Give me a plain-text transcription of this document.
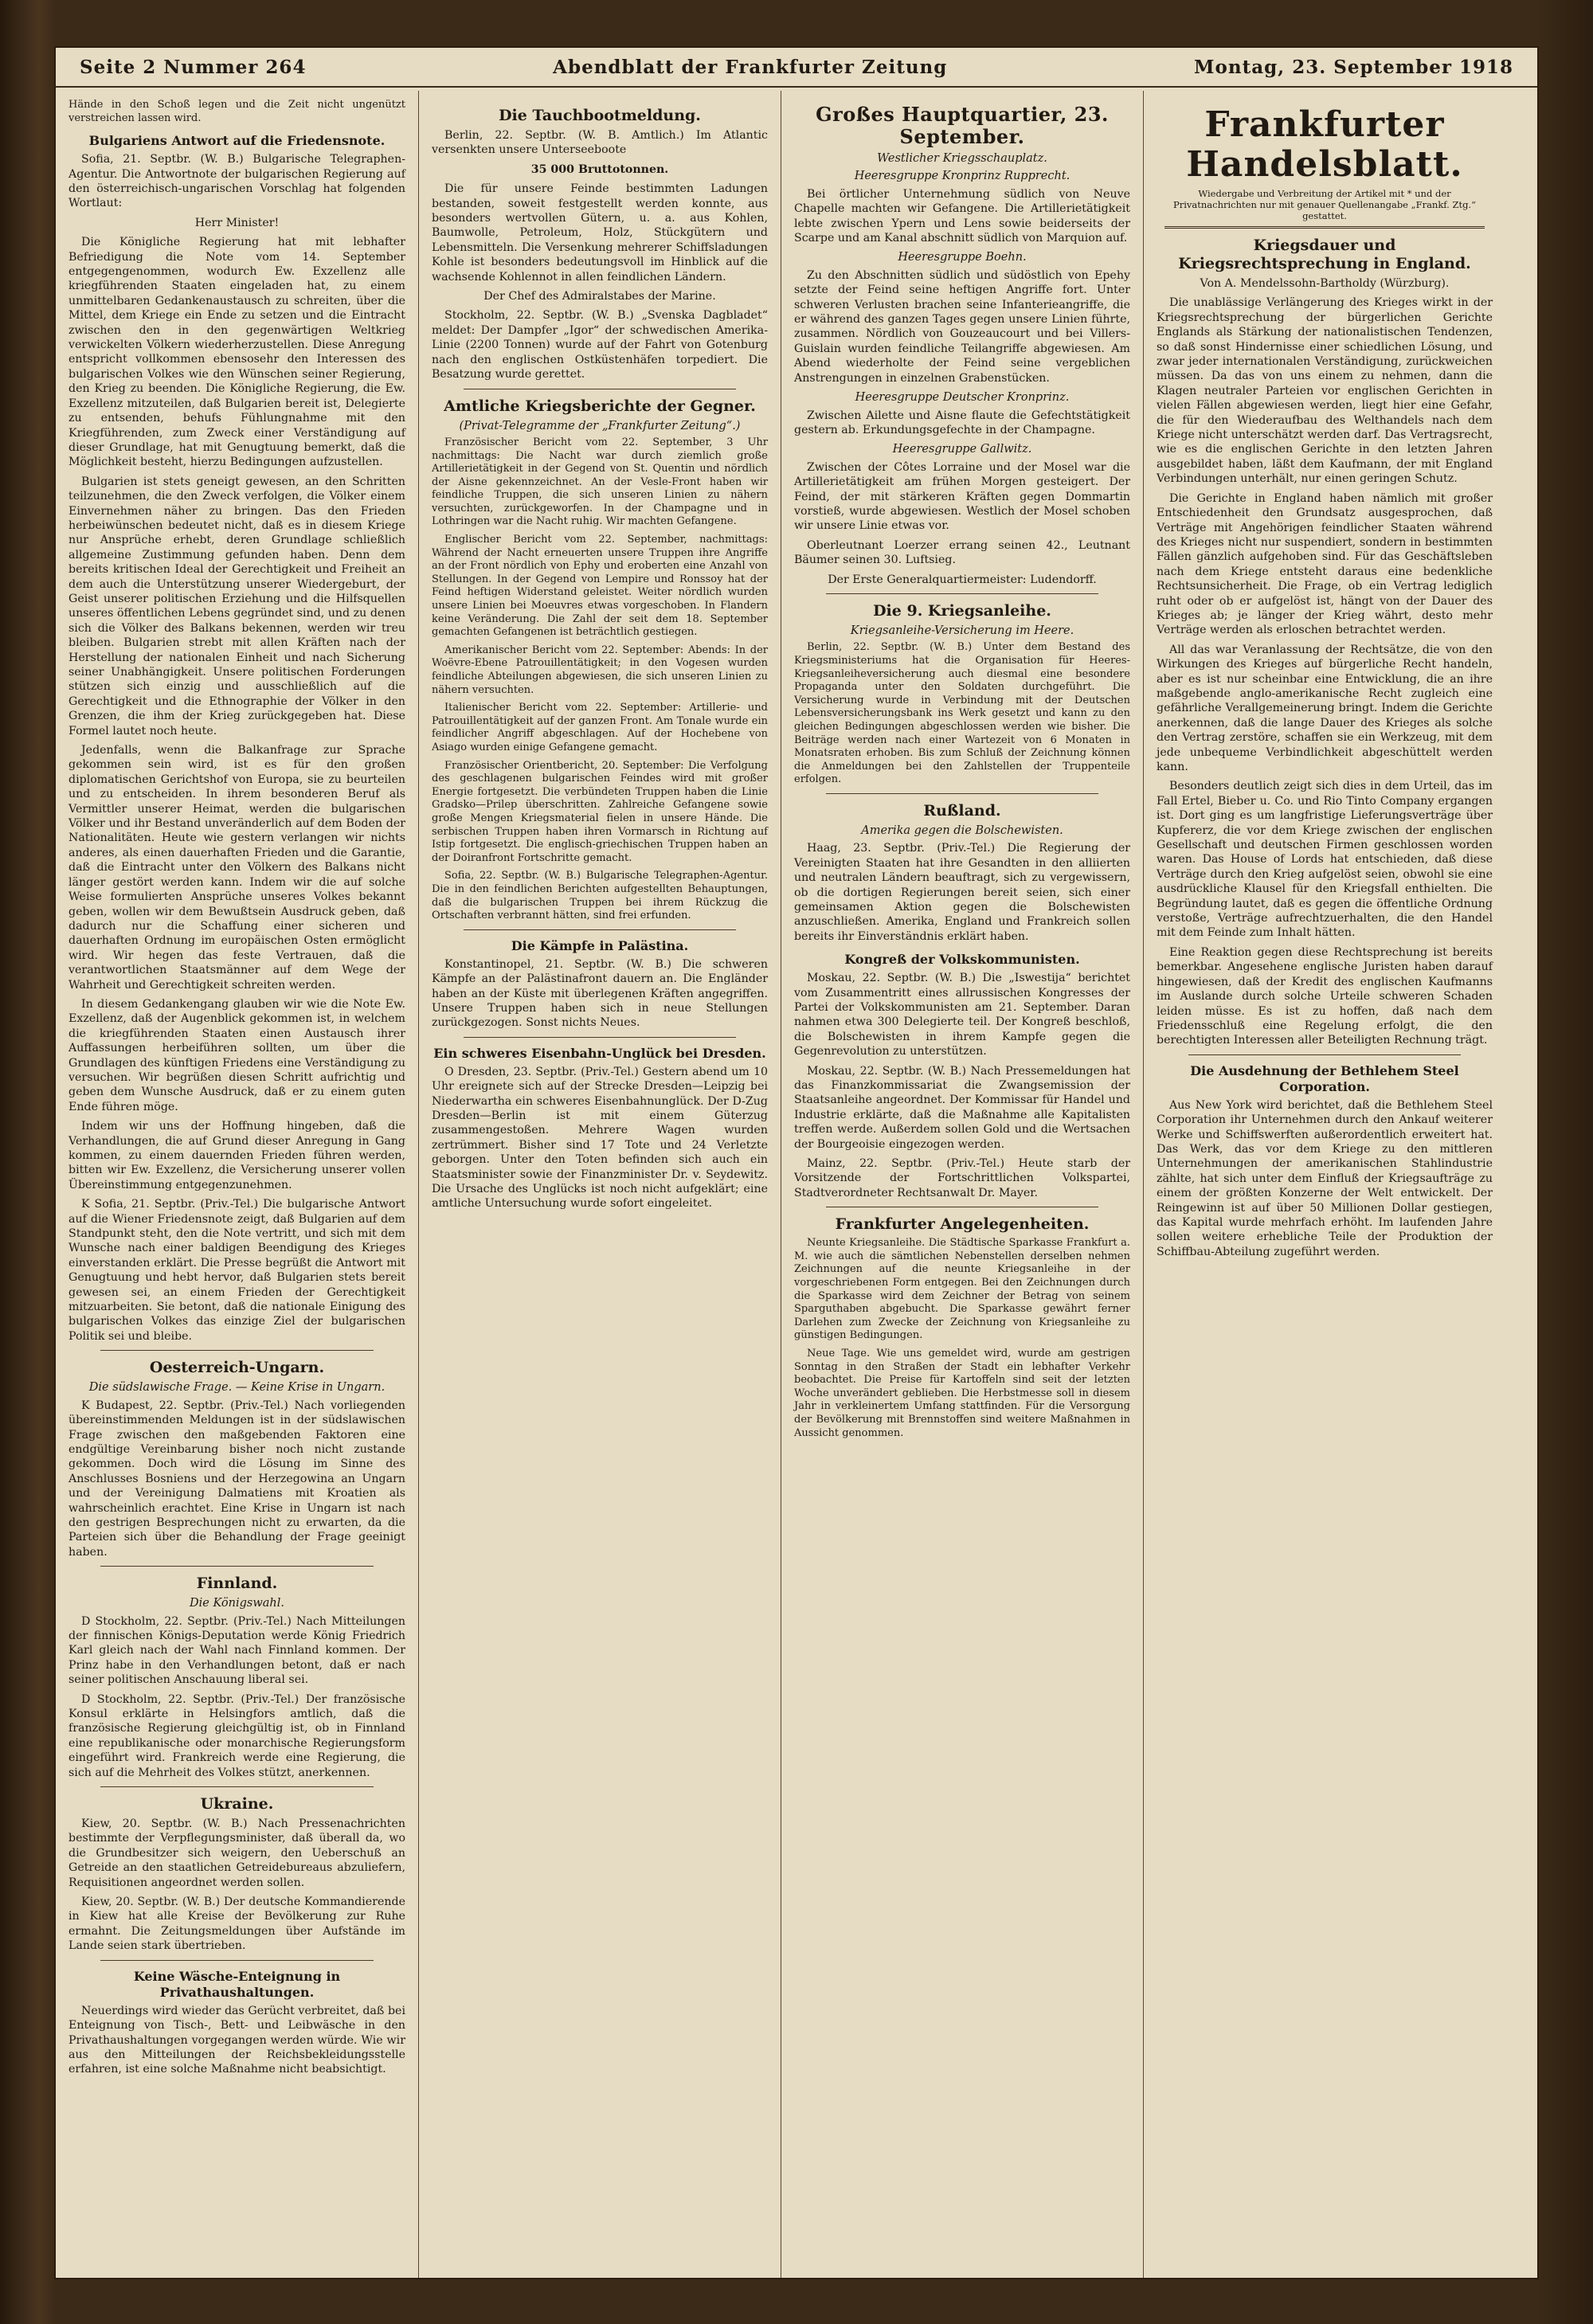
Seite 2 Nummer 264	Abendblatt der Frankfurter Zeitung	Montag, 23. September 1918

Hände in den Schoß legen und die Zeit nicht ungenützt verstreichen lassen wird.

Bulgariens Antwort auf die Friedensnote.

Sofia, 21. Septbr. (W. B.) Bulgarische Telegraphen-Agentur. Die Antwortnote der bulgarischen Regierung auf den österreichisch-ungarischen Vorschlag hat folgenden Wortlaut:

Herr Minister!

Die Königliche Regierung hat mit lebhafter Befriedigung die Note vom 14. September entgegengenommen, wodurch Ew. Exzellenz alle kriegführenden Staaten eingeladen hat, zu einem unmittelbaren Gedankenaustausch zu schreiten, über die Mittel, dem Kriege ein Ende zu setzen und die Eintracht zwischen den in den gegenwärtigen Weltkrieg verwickelten Völkern wiederherzustellen. Diese Anregung entspricht vollkommen ebensosehr den Interessen des bulgarischen Volkes wie den Wünschen seiner Regierung, den Krieg zu beenden. Die Königliche Regierung, die Ew. Exzellenz mitzuteilen, daß Bulgarien bereit ist, Delegierte zu entsenden, behufs Fühlungnahme mit den Kriegführenden, zum Zweck einer Verständigung auf dieser Grundlage, hat mit Genugtuung bemerkt, daß die Möglichkeit besteht, hierzu Bedingungen aufzustellen.

Bulgarien ist stets geneigt gewesen, an den Schritten teilzunehmen, die den Zweck verfolgen, die Völker einem Einvernehmen näher zu bringen. Das den Frieden herbeiwünschen bedeutet nicht, daß es in diesem Kriege nur Ansprüche erhebt, deren Grundlage schließlich allgemeine Zustimmung gefunden haben. Denn dem bereits kritischen Ideal der Gerechtigkeit und Freiheit an dem auch die Unterstützung unserer Wiedergeburt, der Geist unserer politischen Erziehung und die Hilfsquellen unseres öffentlichen Lebens gegründet sind, und zu denen sich die Völker des Balkans bekennen, werden wir treu bleiben. Bulgarien strebt mit allen Kräften nach der Herstellung der nationalen Einheit und nach Sicherung seiner Unabhängigkeit. Unsere politischen Forderungen stützen sich einzig und ausschließlich auf die Gerechtigkeit und die Ethnographie der Völker in den Grenzen, die ihm der Krieg zurückgegeben hat. Diese Formel lautet noch heute.

Jedenfalls, wenn die Balkanfrage zur Sprache gekommen sein wird, ist es für den großen diplomatischen Gerichtshof von Europa, sie zu beurteilen und zu entscheiden. In ihrem besonderen Beruf als Vermittler unserer Heimat, werden die bulgarischen Völker und ihr Bestand unveränderlich auf dem Boden der Nationalitäten. Heute wie gestern verlangen wir nichts anderes, als einen dauerhaften Frieden und die Garantie, daß die Eintracht unter den Völkern des Balkans nicht länger gestört werden kann. Indem wir die auf solche Weise formulierten Ansprüche unseres Volkes bekannt geben, wollen wir dem Bewußtsein Ausdruck geben, daß dadurch nur die Schaffung einer sicheren und dauerhaften Ordnung im europäischen Osten ermöglicht wird. Wir hegen das feste Vertrauen, daß die verantwortlichen Staatsmänner auf dem Wege der Wahrheit und Gerechtigkeit schreiten werden.

In diesem Gedankengang glauben wir wie die Note Ew. Exzellenz, daß der Augenblick gekommen ist, in welchem die kriegführenden Staaten einen Austausch ihrer Auffassungen herbeiführen sollten, um über die Grundlagen des künftigen Friedens eine Verständigung zu versuchen. Wir begrüßen diesen Schritt aufrichtig und geben dem Wunsche Ausdruck, daß er zu einem guten Ende führen möge.

Indem wir uns der Hoffnung hingeben, daß die Verhandlungen, die auf Grund dieser Anregung in Gang kommen, zu einem dauernden Frieden führen werden, bitten wir Ew. Exzellenz, die Versicherung unserer vollen Übereinstimmung entgegenzunehmen.

K Sofia, 21. Septbr. (Priv.-Tel.) Die bulgarische Antwort auf die Wiener Friedensnote zeigt, daß Bulgarien auf dem Standpunkt steht, den die Note vertritt, und sich mit dem Wunsche nach einer baldigen Beendigung des Krieges einverstanden erklärt. Die Presse begrüßt die Antwort mit Genugtuung und hebt hervor, daß Bulgarien stets bereit gewesen sei, an einem Frieden der Gerechtigkeit mitzuarbeiten. Sie betont, daß die nationale Einigung des bulgarischen Volkes das einzige Ziel der bulgarischen Politik sei und bleibe.

Oesterreich-Ungarn.
Die südslawische Frage. — Keine Krise in Ungarn.

K Budapest, 22. Septbr. (Priv.-Tel.) Nach vorliegenden übereinstimmenden Meldungen ist in der südslawischen Frage zwischen den maßgebenden Faktoren eine endgültige Vereinbarung bisher noch nicht zustande gekommen. Doch wird die Lösung im Sinne des Anschlusses Bosniens und der Herzegowina an Ungarn und der Vereinigung Dalmatiens mit Kroatien als wahrscheinlich erachtet. Eine Krise in Ungarn ist nach den gestrigen Besprechungen nicht zu erwarten, da die Parteien sich über die Behandlung der Frage geeinigt haben.

Finnland.
Die Königswahl.

D Stockholm, 22. Septbr. (Priv.-Tel.) Nach Mitteilungen der finnischen Königs-Deputation werde König Friedrich Karl gleich nach der Wahl nach Finnland kommen. Der Prinz habe in den Verhandlungen betont, daß er nach seiner politischen Anschauung liberal sei.

D Stockholm, 22. Septbr. (Priv.-Tel.) Der französische Konsul erklärte in Helsingfors amtlich, daß die französische Regierung gleichgültig ist, ob in Finnland eine republikanische oder monarchische Regierungsform eingeführt wird. Frankreich werde eine Regierung, die sich auf die Mehrheit des Volkes stützt, anerkennen.

Ukraine.

Kiew, 20. Septbr. (W. B.) Nach Pressenachrichten bestimmte der Verpflegungsminister, daß überall da, wo die Grundbesitzer sich weigern, den Ueberschuß an Getreide an den staatlichen Getreidebureaus abzuliefern, Requisitionen angeordnet werden sollen.

Kiew, 20. Septbr. (W. B.) Der deutsche Kommandierende in Kiew hat alle Kreise der Bevölkerung zur Ruhe ermahnt. Die Zeitungsmeldungen über Aufstände im Lande seien stark übertrieben.

Keine Wäsche-Enteignung in Privathaushaltungen.

Neuerdings wird wieder das Gerücht verbreitet, daß bei Enteignung von Tisch-, Bett- und Leibwäsche in den Privathaushaltungen vorgegangen werden würde. Wie wir aus den Mitteilungen der Reichsbekleidungsstelle erfahren, ist eine solche Maßnahme nicht beabsichtigt.

Die Tauchbootmeldung.

Berlin, 22. Septbr. (W. B. Amtlich.) Im Atlantic versenkten unsere Unterseeboote

35 000 Bruttotonnen.

Die für unsere Feinde bestimmten Ladungen bestanden, soweit festgestellt werden konnte, aus besonders wertvollen Gütern, u. a. aus Kohlen, Baumwolle, Petroleum, Holz, Stückgütern und Lebensmitteln. Die Versenkung mehrerer Schiffsladungen Kohle ist besonders bedeutungsvoll im Hinblick auf die wachsende Kohlennot in allen feindlichen Ländern.

Der Chef des Admiralstabes der Marine.

Stockholm, 22. Septbr. (W. B.) „Svenska Dagbladet“ meldet: Der Dampfer „Igor“ der schwedischen Amerika-Linie (2200 Tonnen) wurde auf der Fahrt von Gotenburg nach den englischen Ostküstenhäfen torpediert. Die Besatzung wurde gerettet.

Amtliche Kriegsberichte der Gegner.
(Privat-Telegramme der „Frankfurter Zeitung“.)

Französischer Bericht vom 22. September, 3 Uhr nachmittags: Die Nacht war durch ziemlich große Artillerietätigkeit in der Gegend von St. Quentin und nördlich der Aisne gekennzeichnet. An der Vesle-Front haben wir feindliche Truppen, die sich unseren Linien zu nähern versuchten, zurückgeworfen. In der Champagne und in Lothringen war die Nacht ruhig. Wir machten Gefangene.

Englischer Bericht vom 22. September, nachmittags: Während der Nacht erneuerten unsere Truppen ihre Angriffe an der Front nördlich von Ephy und eroberten eine Anzahl von Stellungen. In der Gegend von Lempire und Ronssoy hat der Feind heftigen Widerstand geleistet. Weiter nördlich wurden unsere Linien bei Moeuvres etwas vorgeschoben. In Flandern keine Veränderung. Die Zahl der seit dem 18. September gemachten Gefangenen ist beträchtlich gestiegen.

Amerikanischer Bericht vom 22. September: Abends: In der Woëvre-Ebene Patrouillentätigkeit; in den Vogesen wurden feindliche Abteilungen abgewiesen, die sich unseren Linien zu nähern versuchten.

Italienischer Bericht vom 22. September: Artillerie- und Patrouillentätigkeit auf der ganzen Front. Am Tonale wurde ein feindlicher Angriff abgeschlagen. Auf der Hochebene von Asiago wurden einige Gefangene gemacht.

Französischer Orientbericht, 20. September: Die Verfolgung des geschlagenen bulgarischen Feindes wird mit großer Energie fortgesetzt. Die verbündeten Truppen haben die Linie Gradsko—Prilep überschritten. Zahlreiche Gefangene sowie große Mengen Kriegsmaterial fielen in unsere Hände. Die serbischen Truppen haben ihren Vormarsch in Richtung auf Istip fortgesetzt. Die englisch-griechischen Truppen haben an der Doiranfront Fortschritte gemacht.

Sofia, 22. Septbr. (W. B.) Bulgarische Telegraphen-Agentur. Die in den feindlichen Berichten aufgestellten Behauptungen, daß die bulgarischen Truppen bei ihrem Rückzug die Ortschaften verbrannt hätten, sind frei erfunden.

Die Kämpfe in Palästina.

Konstantinopel, 21. Septbr. (W. B.) Die schweren Kämpfe an der Palästinafront dauern an. Die Engländer haben an der Küste mit überlegenen Kräften angegriffen. Unsere Truppen haben sich in neue Stellungen zurückgezogen. Sonst nichts Neues.

Ein schweres Eisenbahn-Unglück bei Dresden.

O Dresden, 23. Septbr. (Priv.-Tel.) Gestern abend um 10 Uhr ereignete sich auf der Strecke Dresden—Leipzig bei Niederwartha ein schweres Eisenbahnunglück. Der D-Zug Dresden—Berlin ist mit einem Güterzug zusammengestoßen. Mehrere Wagen wurden zertrümmert. Bisher sind 17 Tote und 24 Verletzte geborgen. Unter den Toten befinden sich auch ein Staatsminister sowie der Finanzminister Dr. v. Seydewitz. Die Ursache des Unglücks ist noch nicht aufgeklärt; eine amtliche Untersuchung wurde sofort eingeleitet.

Großes Hauptquartier, 23. September.
Westlicher Kriegsschauplatz.
Heeresgruppe Kronprinz Rupprecht.

Bei örtlicher Unternehmung südlich von Neuve Chapelle machten wir Gefangene. Die Artillerietätigkeit lebte zwischen Ypern und Lens sowie beiderseits der Scarpe und am Kanal abschnitt südlich von Marquion auf.

Heeresgruppe Boehn.

Zu den Abschnitten südlich und südöstlich von Epehy setzte der Feind seine heftigen Angriffe fort. Unter schweren Verlusten brachen seine Infanterieangriffe, die er während des ganzen Tages gegen unsere Linien führte, zusammen. Nördlich von Gouzeaucourt und bei Villers-Guislain wurden feindliche Teilangriffe abgewiesen. Am Abend wiederholte der Feind seine vergeblichen Anstrengungen in einzelnen Grabenstücken.

Heeresgruppe Deutscher Kronprinz.

Zwischen Ailette und Aisne flaute die Gefechtstätigkeit gestern ab. Erkundungsgefechte in der Champagne.

Heeresgruppe Gallwitz.

Zwischen der Côtes Lorraine und der Mosel war die Artillerietätigkeit am frühen Morgen gesteigert. Der Feind, der mit stärkeren Kräften gegen Dommartin vorstieß, wurde abgewiesen. Westlich der Mosel schoben wir unsere Linie etwas vor.

Oberleutnant Loerzer errang seinen 42., Leutnant Bäumer seinen 30. Luftsieg.

Der Erste Generalquartiermeister: Ludendorff.

Die 9. Kriegsanleihe.
Kriegsanleihe-Versicherung im Heere.

Berlin, 22. Septbr. (W. B.) Unter dem Bestand des Kriegsministeriums hat die Organisation für Heeres-Kriegsanleiheversicherung auch diesmal eine besondere Propaganda unter den Soldaten durchgeführt. Die Versicherung wurde in Verbindung mit der Deutschen Lebensversicherungsbank ins Werk gesetzt und kann zu den gleichen Bedingungen abgeschlossen werden wie bisher. Die Beiträge werden nach einer Wartezeit von 6 Monaten in Monatsraten erhoben. Bis zum Schluß der Zeichnung können die Anmeldungen bei den Zahlstellen der Truppenteile erfolgen.

Rußland.
Amerika gegen die Bolschewisten.

Haag, 23. Septbr. (Priv.-Tel.) Die Regierung der Vereinigten Staaten hat ihre Gesandten in den alliierten und neutralen Ländern beauftragt, sich zu vergewissern, ob die dortigen Regierungen bereit seien, sich einer gemeinsamen Aktion gegen die Bolschewisten anzuschließen. Amerika, England und Frankreich sollen bereits ihr Einverständnis erklärt haben.

Kongreß der Volkskommunisten.

Moskau, 22. Septbr. (W. B.) Die „Iswestija“ berichtet vom Zusammentritt eines allrussischen Kongresses der Partei der Volkskommunisten am 21. September. Daran nahmen etwa 300 Delegierte teil. Der Kongreß beschloß, die Bolschewisten in ihrem Kampfe gegen die Gegenrevolution zu unterstützen.

Moskau, 22. Septbr. (W. B.) Nach Pressemeldungen hat das Finanzkommissariat die Zwangsemission der Staatsanleihe angeordnet. Der Kommissar für Handel und Industrie erklärte, daß die Maßnahme alle Kapitalisten treffen werde. Außerdem sollen Gold und die Wertsachen der Bourgeoisie eingezogen werden.

Mainz, 22. Septbr. (Priv.-Tel.) Heute starb der Vorsitzende der Fortschrittlichen Volkspartei, Stadtverordneter Rechtsanwalt Dr. Mayer.

Frankfurter Angelegenheiten.

Neunte Kriegsanleihe. Die Städtische Sparkasse Frankfurt a. M. wie auch die sämtlichen Nebenstellen derselben nehmen Zeichnungen auf die neunte Kriegsanleihe in der vorgeschriebenen Form entgegen. Bei den Zeichnungen durch die Sparkasse wird dem Zeichner der Betrag von seinem Sparguthaben abgebucht. Die Sparkasse gewährt ferner Darlehen zum Zwecke der Zeichnung von Kriegsanleihe zu günstigen Bedingungen.

Neue Tage. Wie uns gemeldet wird, wurde am gestrigen Sonntag in den Straßen der Stadt ein lebhafter Verkehr beobachtet. Die Preise für Kartoffeln sind seit der letzten Woche unverändert geblieben. Die Herbstmesse soll in diesem Jahr in verkleinertem Umfang stattfinden. Für die Versorgung der Bevölkerung mit Brennstoffen sind weitere Maßnahmen in Aussicht genommen.

Frankfurter Handelsblatt.
Wiedergabe und Verbreitung der Artikel mit * und der Privatnachrichten nur mit genauer Quellenangabe „Frankf. Ztg.“ gestattet.
Kriegsdauer und Kriegsrechtsprechung in England.

Von A. Mendelssohn-Bartholdy (Würzburg).

Die unablässige Verlängerung des Krieges wirkt in der Kriegsrechtsprechung der bürgerlichen Gerichte Englands als Stärkung der nationalistischen Tendenzen, so daß sonst Hindernisse einer schiedlichen Lösung, und zwar jeder internationalen Verständigung, zurückweichen müssen. Da das von uns einem zu nehmen, dann die Klagen neutraler Parteien vor englischen Gerichten in vielen Fällen abgewiesen werden, liegt hier eine Gefahr, die für den Wiederaufbau des Welthandels nach dem Kriege nicht unterschätzt werden darf. Das Vertragsrecht, wie es die englischen Gerichte in den letzten Jahren ausgebildet haben, läßt dem Kaufmann, der mit England Verbindungen unterhält, nur einen geringen Schutz.

Die Gerichte in England haben nämlich mit großer Entschiedenheit den Grundsatz ausgesprochen, daß Verträge mit Angehörigen feindlicher Staaten während des Krieges nicht nur suspendiert, sondern in bestimmten Fällen gänzlich aufgehoben sind. Für das Geschäftsleben nach dem Kriege entsteht daraus eine bedenkliche Rechtsunsicherheit. Die Frage, ob ein Vertrag lediglich ruht oder ob er aufgelöst ist, hängt von der Dauer des Krieges ab; je länger der Krieg währt, desto mehr Verträge werden als erloschen betrachtet werden.

All das war Veranlassung der Rechtsätze, die von den Wirkungen des Krieges auf bürgerliche Recht handeln, aber es ist nur scheinbar eine Entwicklung, die an ihre maßgebende anglo-amerikanische Recht zugleich eine gefährliche Verallgemeinerung bringt. Indem die Gerichte anerkennen, daß die lange Dauer des Krieges als solche den Vertrag zerstöre, schaffen sie ein Werkzeug, mit dem jede unbequeme Verbindlichkeit abgeschüttelt werden kann.

Besonders deutlich zeigt sich dies in dem Urteil, das im Fall Ertel, Bieber u. Co. und Rio Tinto Company ergangen ist. Dort ging es um langfristige Lieferungsverträge über Kupfererz, die vor dem Kriege zwischen der englischen Gesellschaft und deutschen Firmen geschlossen worden waren. Das House of Lords hat entschieden, daß diese Verträge durch den Krieg aufgelöst seien, obwohl sie eine ausdrückliche Klausel für den Kriegsfall enthielten. Die Begründung lautet, daß es gegen die öffentliche Ordnung verstoße, Verträge aufrechtzuerhalten, die den Handel mit dem Feinde zum Inhalt hätten.

Eine Reaktion gegen diese Rechtsprechung ist bereits bemerkbar. Angesehene englische Juristen haben darauf hingewiesen, daß der Kredit des englischen Kaufmanns im Auslande durch solche Urteile schweren Schaden leiden müsse. Es ist zu hoffen, daß nach dem Friedensschluß eine Regelung erfolgt, die den berechtigten Interessen aller Beteiligten Rechnung trägt.

Die Ausdehnung der Bethlehem Steel Corporation.

Aus New York wird berichtet, daß die Bethlehem Steel Corporation ihr Unternehmen durch den Ankauf weiterer Werke und Schiffswerften außerordentlich erweitert hat. Das Werk, das vor dem Kriege zu den mittleren Unternehmungen der amerikanischen Stahlindustrie zählte, hat sich unter dem Einfluß der Kriegsaufträge zu einem der größten Konzerne der Welt entwickelt. Der Reingewinn ist auf über 50 Millionen Dollar gestiegen, das Kapital wurde mehrfach erhöht. Im laufenden Jahre sollen weitere erhebliche Teile der Produktion der Schiffbau-Abteilung zugeführt werden.
